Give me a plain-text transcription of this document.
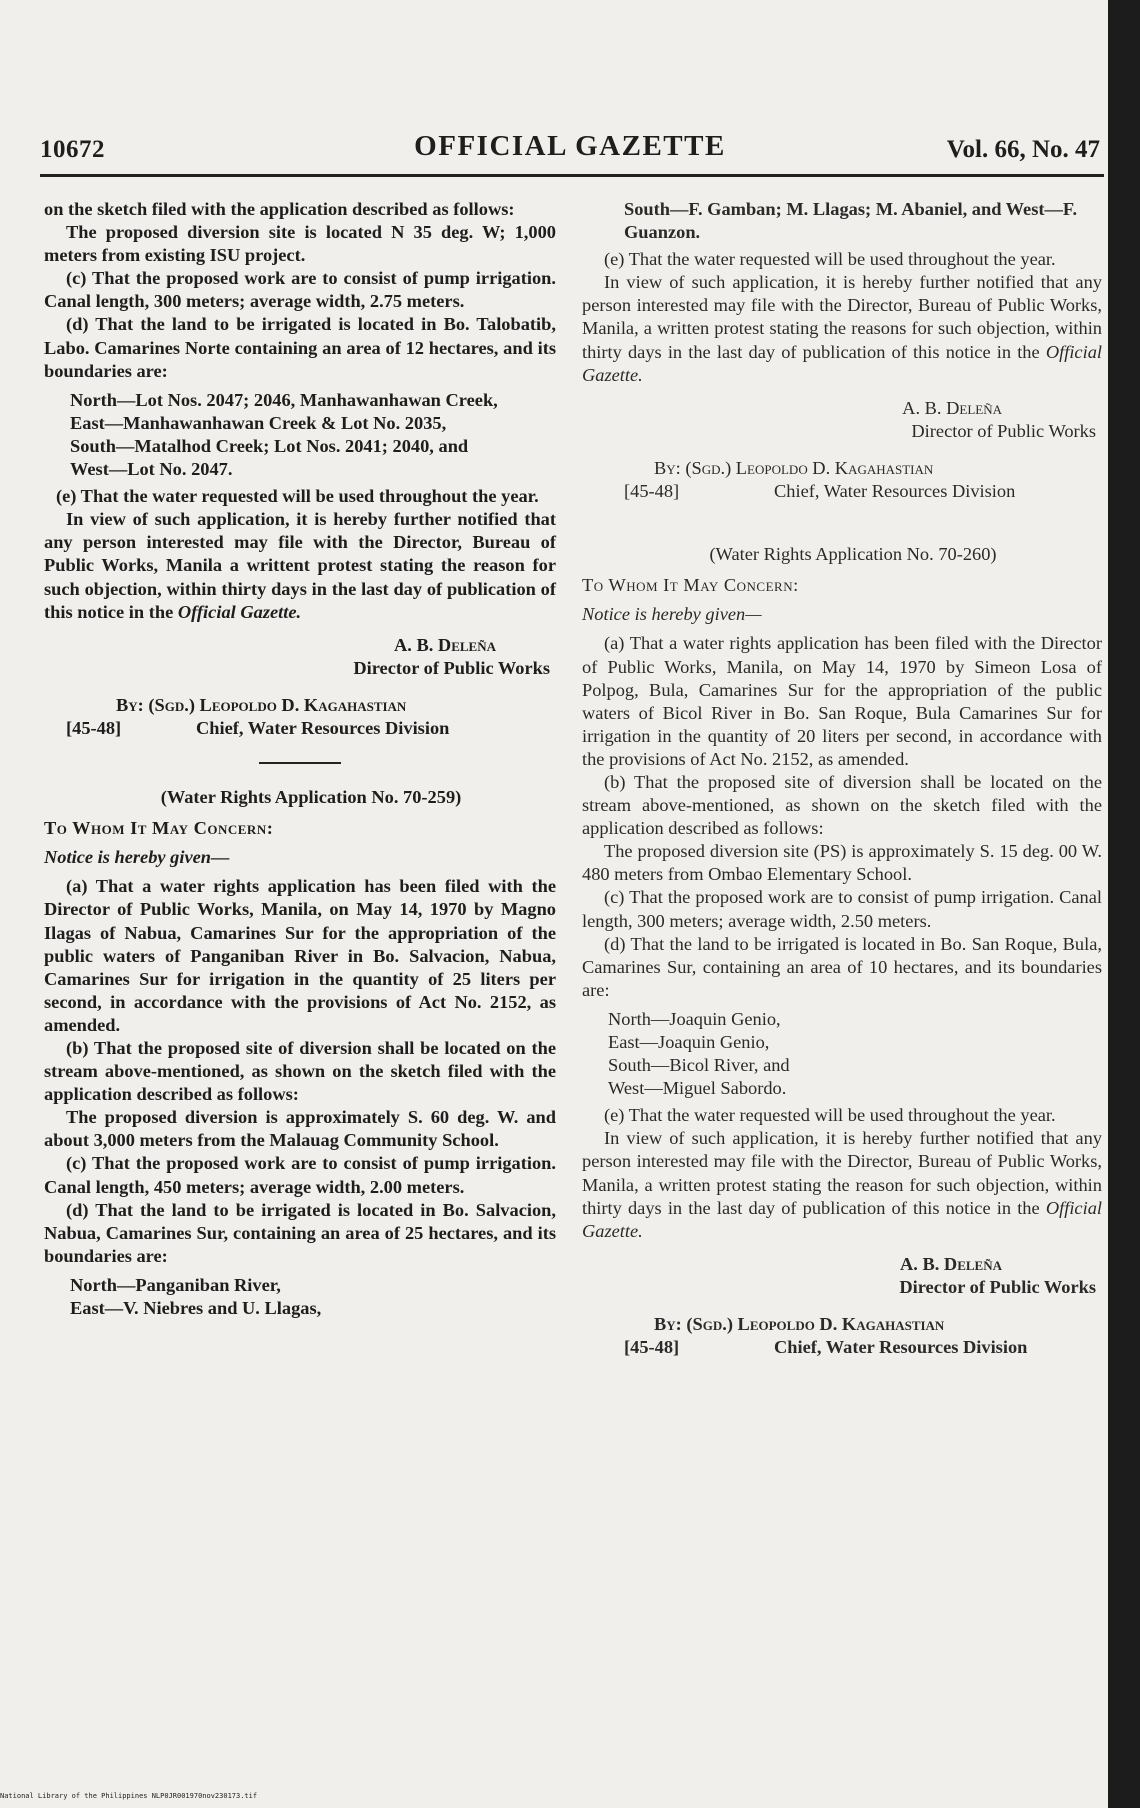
10672	OFFICIAL GAZETTE	Vol. 66, No. 47

on the sketch filed with the application described as follows:

The proposed diversion site is located N 35 deg. W; 1,000 meters from existing ISU project.

(c) That the proposed work are to consist of pump irrigation. Canal length, 300 meters; average width, 2.75 meters.

(d) That the land to be irrigated is located in Bo. Talobatib, Labo. Camarines Norte containing an area of 12 hectares, and its boundaries are:

North—Lot Nos. 2047; 2046, Manhawanhawan Creek,

East—Manhawanhawan Creek & Lot No. 2035,

South—Matalhod Creek; Lot Nos. 2041; 2040, and

West—Lot No. 2047.

(e) That the water requested will be used throughout the year.

In view of such application, it is hereby further notified that any person interested may file with the Director, Bureau of Public Works, Manila a writtent protest stating the reason for such objection, within thirty days in the last day of publication of this notice in the Official Gazette.

A. B. Deleña

Director of Public Works

By: (Sgd.) Leopoldo D. Kagahastian

[45-48]	Chief, Water Resources Division

(Water Rights Application No. 70-259)

To Whom It May Concern:

Notice is hereby given—

(a) That a water rights application has been filed with the Director of Public Works, Manila, on May 14, 1970 by Magno Ilagas of Nabua, Camarines Sur for the appropriation of the public waters of Panganiban River in Bo. Salvacion, Nabua, Camarines Sur for irrigation in the quantity of 25 liters per second, in accordance with the provisions of Act No. 2152, as amended.

(b) That the proposed site of diversion shall be located on the stream above-mentioned, as shown on the sketch filed with the application described as follows:

The proposed diversion is approximately S. 60 deg. W. and about 3,000 meters from the Malauag Community School.

(c) That the proposed work are to consist of pump irrigation. Canal length, 450 meters; average width, 2.00 meters.

(d) That the land to be irrigated is located in Bo. Salvacion, Nabua, Camarines Sur, containing an area of 25 hectares, and its boundaries are:

North—Panganiban River,

East—V. Niebres and U. Llagas,

South—F. Gamban; M. Llagas; M. Abaniel, and West—F. Guanzon.

(e) That the water requested will be used throughout the year.

In view of such application, it is hereby further notified that any person interested may file with the Director, Bureau of Public Works, Manila, a written protest stating the reasons for such objection, within thirty days in the last day of publication of this notice in the Official Gazette.

A. B. Deleña

Director of Public Works

By: (Sgd.) Leopoldo D. Kagahastian

[45-48]	Chief, Water Resources Division

(Water Rights Application No. 70-260)

To Whom It May Concern:

Notice is hereby given—

(a) That a water rights application has been filed with the Director of Public Works, Manila, on May 14, 1970 by Simeon Losa of Polpog, Bula, Camarines Sur for the appropriation of the public waters of Bicol River in Bo. San Roque, Bula Camarines Sur for irrigation in the quantity of 20 liters per second, in accordance with the provisions of Act No. 2152, as amended.

(b) That the proposed site of diversion shall be located on the stream above-mentioned, as shown on the sketch filed with the application described as follows:

The proposed diversion site (PS) is approximately S. 15 deg. 00 W. 480 meters from Ombao Elementary School.

(c) That the proposed work are to consist of pump irrigation. Canal length, 300 meters; average width, 2.50 meters.

(d) That the land to be irrigated is located in Bo. San Roque, Bula, Camarines Sur, containing an area of 10 hectares, and its boundaries are:

North—Joaquin Genio,

East—Joaquin Genio,

South—Bicol River, and

West—Miguel Sabordo.

(e) That the water requested will be used throughout the year.

In view of such application, it is hereby further notified that any person interested may file with the Director, Bureau of Public Works, Manila, a written protest stating the reason for such objection, within thirty days in the last day of publication of this notice in the Official Gazette.

A. B. Deleña

Director of Public Works

By: (Sgd.) Leopoldo D. Kagahastian

[45-48]	Chief, Water Resources Division

National Library of the Philippines NLP0JR001970nov230173.tif
